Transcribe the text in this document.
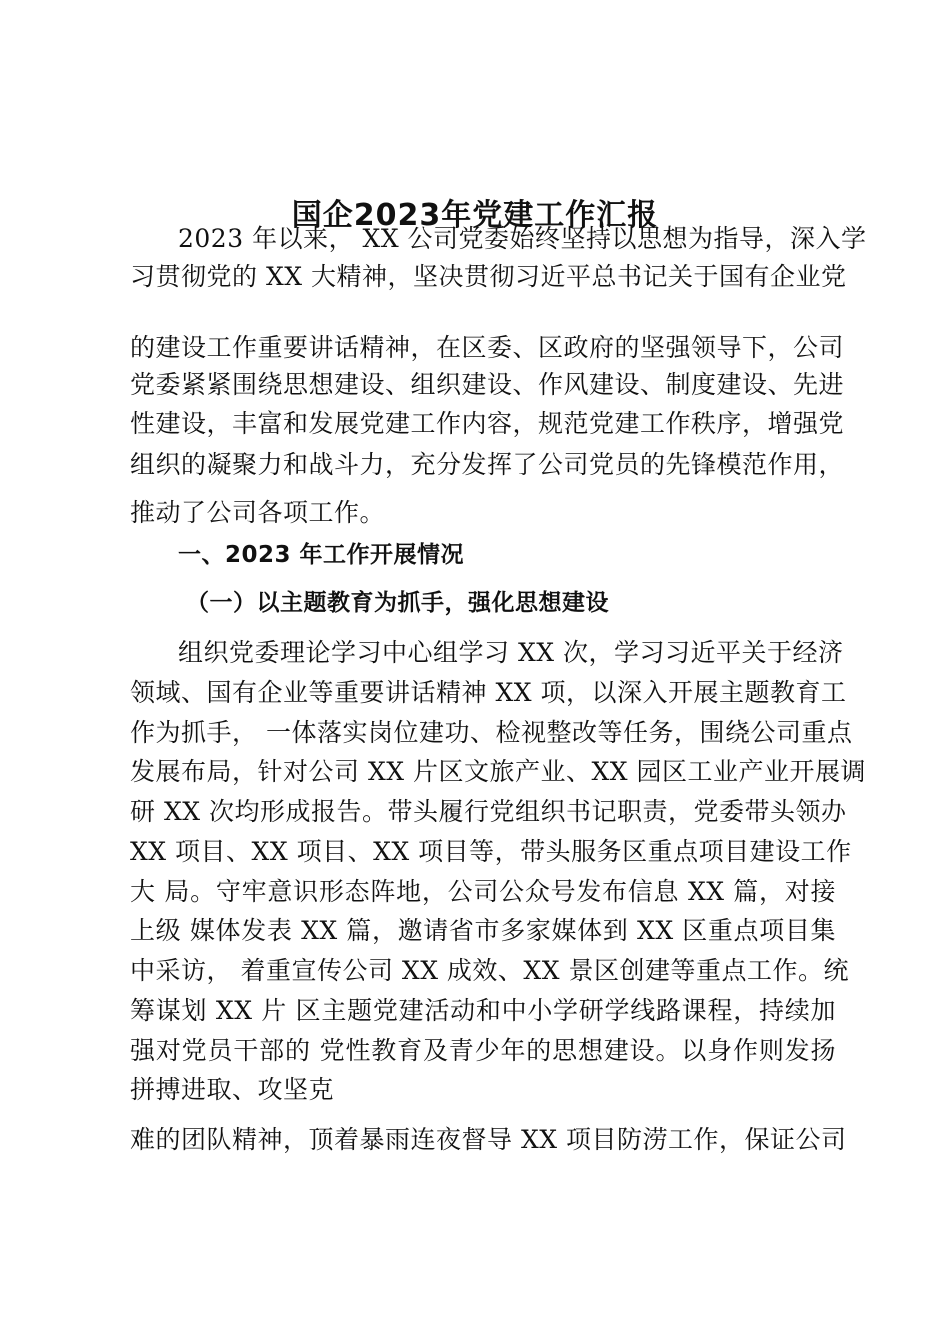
国企2023年党建工作汇报
2023 年以来， XX 公司党委始终坚持以思想为指导，深入学
习贯彻党的 XX 大精神，坚决贯彻习近平总书记关于国有企业党
的建设工作重要讲话精神，在区委、区政府的坚强领导下，公司
党委紧紧围绕思想建设、组织建设、作风建设、制度建设、先进
性建设，丰富和发展党建工作内容，规范党建工作秩序，增强党
组织的凝聚力和战斗力，充分发挥了公司党员的先锋模范作用，
推动了公司各项工作。
一、2023 年工作开展情况
（一）以主题教育为抓手，强化思想建设
组织党委理论学习中心组学习 XX 次，学习习近平关于经济
领域、国有企业等重要讲话精神 XX 项，以深入开展主题教育工
作为抓手， 一体落实岗位建功、检视整改等任务，围绕公司重点
发展布局，针对公司 XX 片区文旅产业、XX 园区工业产业开展调
研 XX 次均形成报告。带头履行党组织书记职责，党委带头领办
XX 项目、XX 项目、XX 项目等，带头服务区重点项目建设工作
大 局。守牢意识形态阵地，公司公众号发布信息 XX 篇，对接
上级 媒体发表 XX 篇，邀请省市多家媒体到 XX 区重点项目集
中采访， 着重宣传公司 XX 成效、XX 景区创建等重点工作。统
筹谋划 XX 片 区主题党建活动和中小学研学线路课程，持续加
强对党员干部的 党性教育及青少年的思想建设。以身作则发扬
拼搏进取、攻坚克
难的团队精神，顶着暴雨连夜督导 XX 项目防涝工作，保证公司
